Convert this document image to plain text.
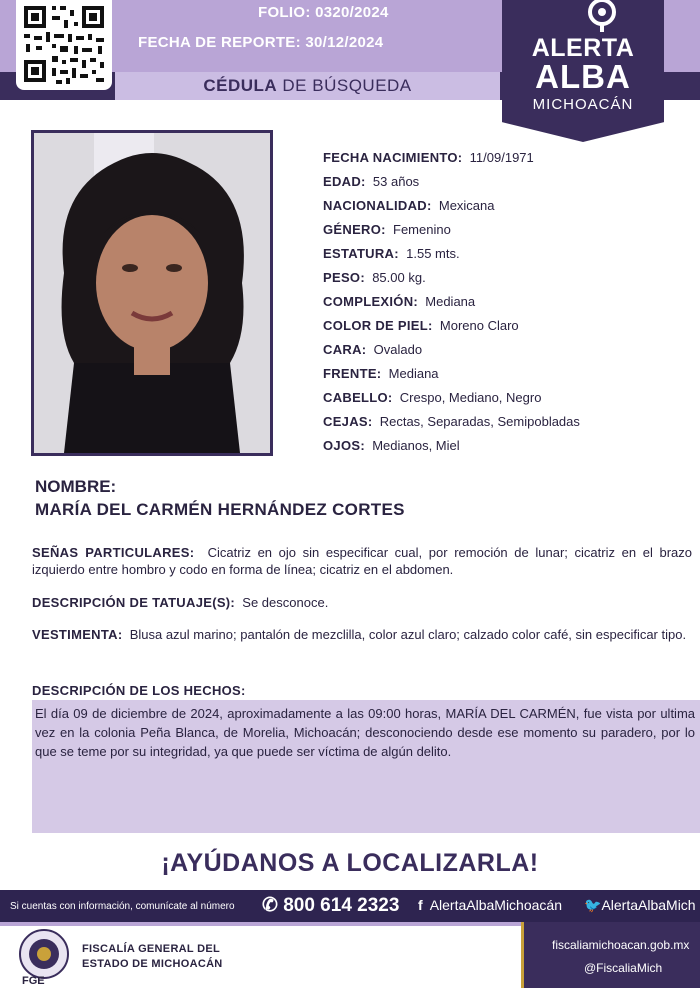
FOLIO: 0320/2024
FECHA DE REPORTE: 30/12/2024
CÉDULA DE BÚSQUEDA
ALERTA
ALBA
MICHOACÁN
FECHA NACIMIENTO: 11/09/1971
EDAD: 53 años
NACIONALIDAD: Mexicana
GÉNERO: Femenino
ESTATURA: 1.55 mts.
PESO: 85.00 kg.
COMPLEXIÓN: Mediana
COLOR DE PIEL: Moreno Claro
CARA: Ovalado
FRENTE: Mediana
CABELLO: Crespo, Mediano, Negro
CEJAS: Rectas, Separadas, Semipobladas
OJOS: Medianos, Miel
NOMBRE:
MARÍA DEL CARMÉN HERNÁNDEZ CORTES
SEÑAS PARTICULARES: Cicatriz en ojo sin especificar cual, por remoción de lunar; cicatriz en el brazo izquierdo entre hombro y codo en forma de línea; cicatriz en el abdomen.
DESCRIPCIÓN DE TATUAJE(S): Se desconoce.
VESTIMENTA: Blusa azul marino; pantalón de mezclilla, color azul claro; calzado color café, sin especificar tipo.
DESCRIPCIÓN DE LOS HECHOS:
El día 09 de diciembre de 2024, aproximadamente a las 09:00 horas, MARÍA DEL CARMÉN, fue vista por ultima vez en la colonia Peña Blanca, de Morelia, Michoacán; desconociendo desde ese momento su paradero, por lo que se teme por su integridad, ya que puede ser víctima de algún delito.
¡AYÚDANOS A LOCALIZARLA!
Si cuentas con información, comunícate al número ✆ 800 614 2323 f AlertaAlbaMichoacán 🐦AlertaAlbaMich
FGE
FISCALÍA GENERAL DEL
ESTADO DE MICHOACÁN
fiscaliamichoacan.gob.mx
@FiscaliaMich
